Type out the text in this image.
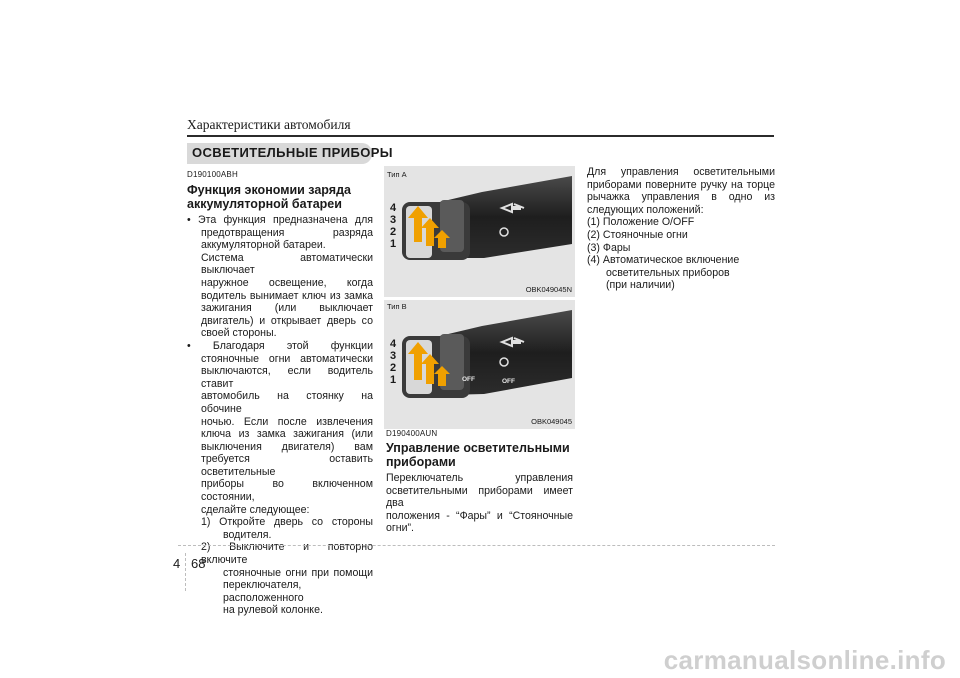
Характеристики автомобиля
ОСВЕТИТЕЛЬНЫЕ ПРИБОРЫ

D190100ABH

Функция экономии заряда

аккумуляторной батареи

• Эта функция предназначена для

предотвращения разряда

аккумуляторной батареи.

Система автоматически выключает

наружное освещение, когда

водитель вынимает ключ из замка

зажигания (или выключает

двигатель) и открывает дверь со

своей стороны.

• Благодаря этой функции

стояночные огни автоматически

выключаются, если водитель ставит

автомобиль на стоянку на обочине

ночью. Если после извлечения

ключа из замка зажигания (или

выключения двигателя) вам

требуется оставить осветительные

приборы во включенном состоянии,

сделайте следующее:

1) Откройте дверь со стороны

водителя.

2) Выключите и повторно включите

стояночные огни при помощи

переключателя, расположенного

на рулевой колонке.

Тип А
4
3
2
1
OBK049045N
Тип В
OFF	OFF
4
3
2
1
OBK049045

D190400AUN

Управление осветительными

приборами

Переключатель управления

осветительными приборами имеет два

положения - “Фары” и “Стояночные

огни”.

Для управления осветительными

приборами поверните ручку на торце

рычажка управления в одно из

следующих положений:

(1) Положение O/OFF

(2) Стояночные огни

(3) Фары

(4) Автоматическое включение

осветительных приборов

(при наличии)

4 68
carmanualsonline.info
